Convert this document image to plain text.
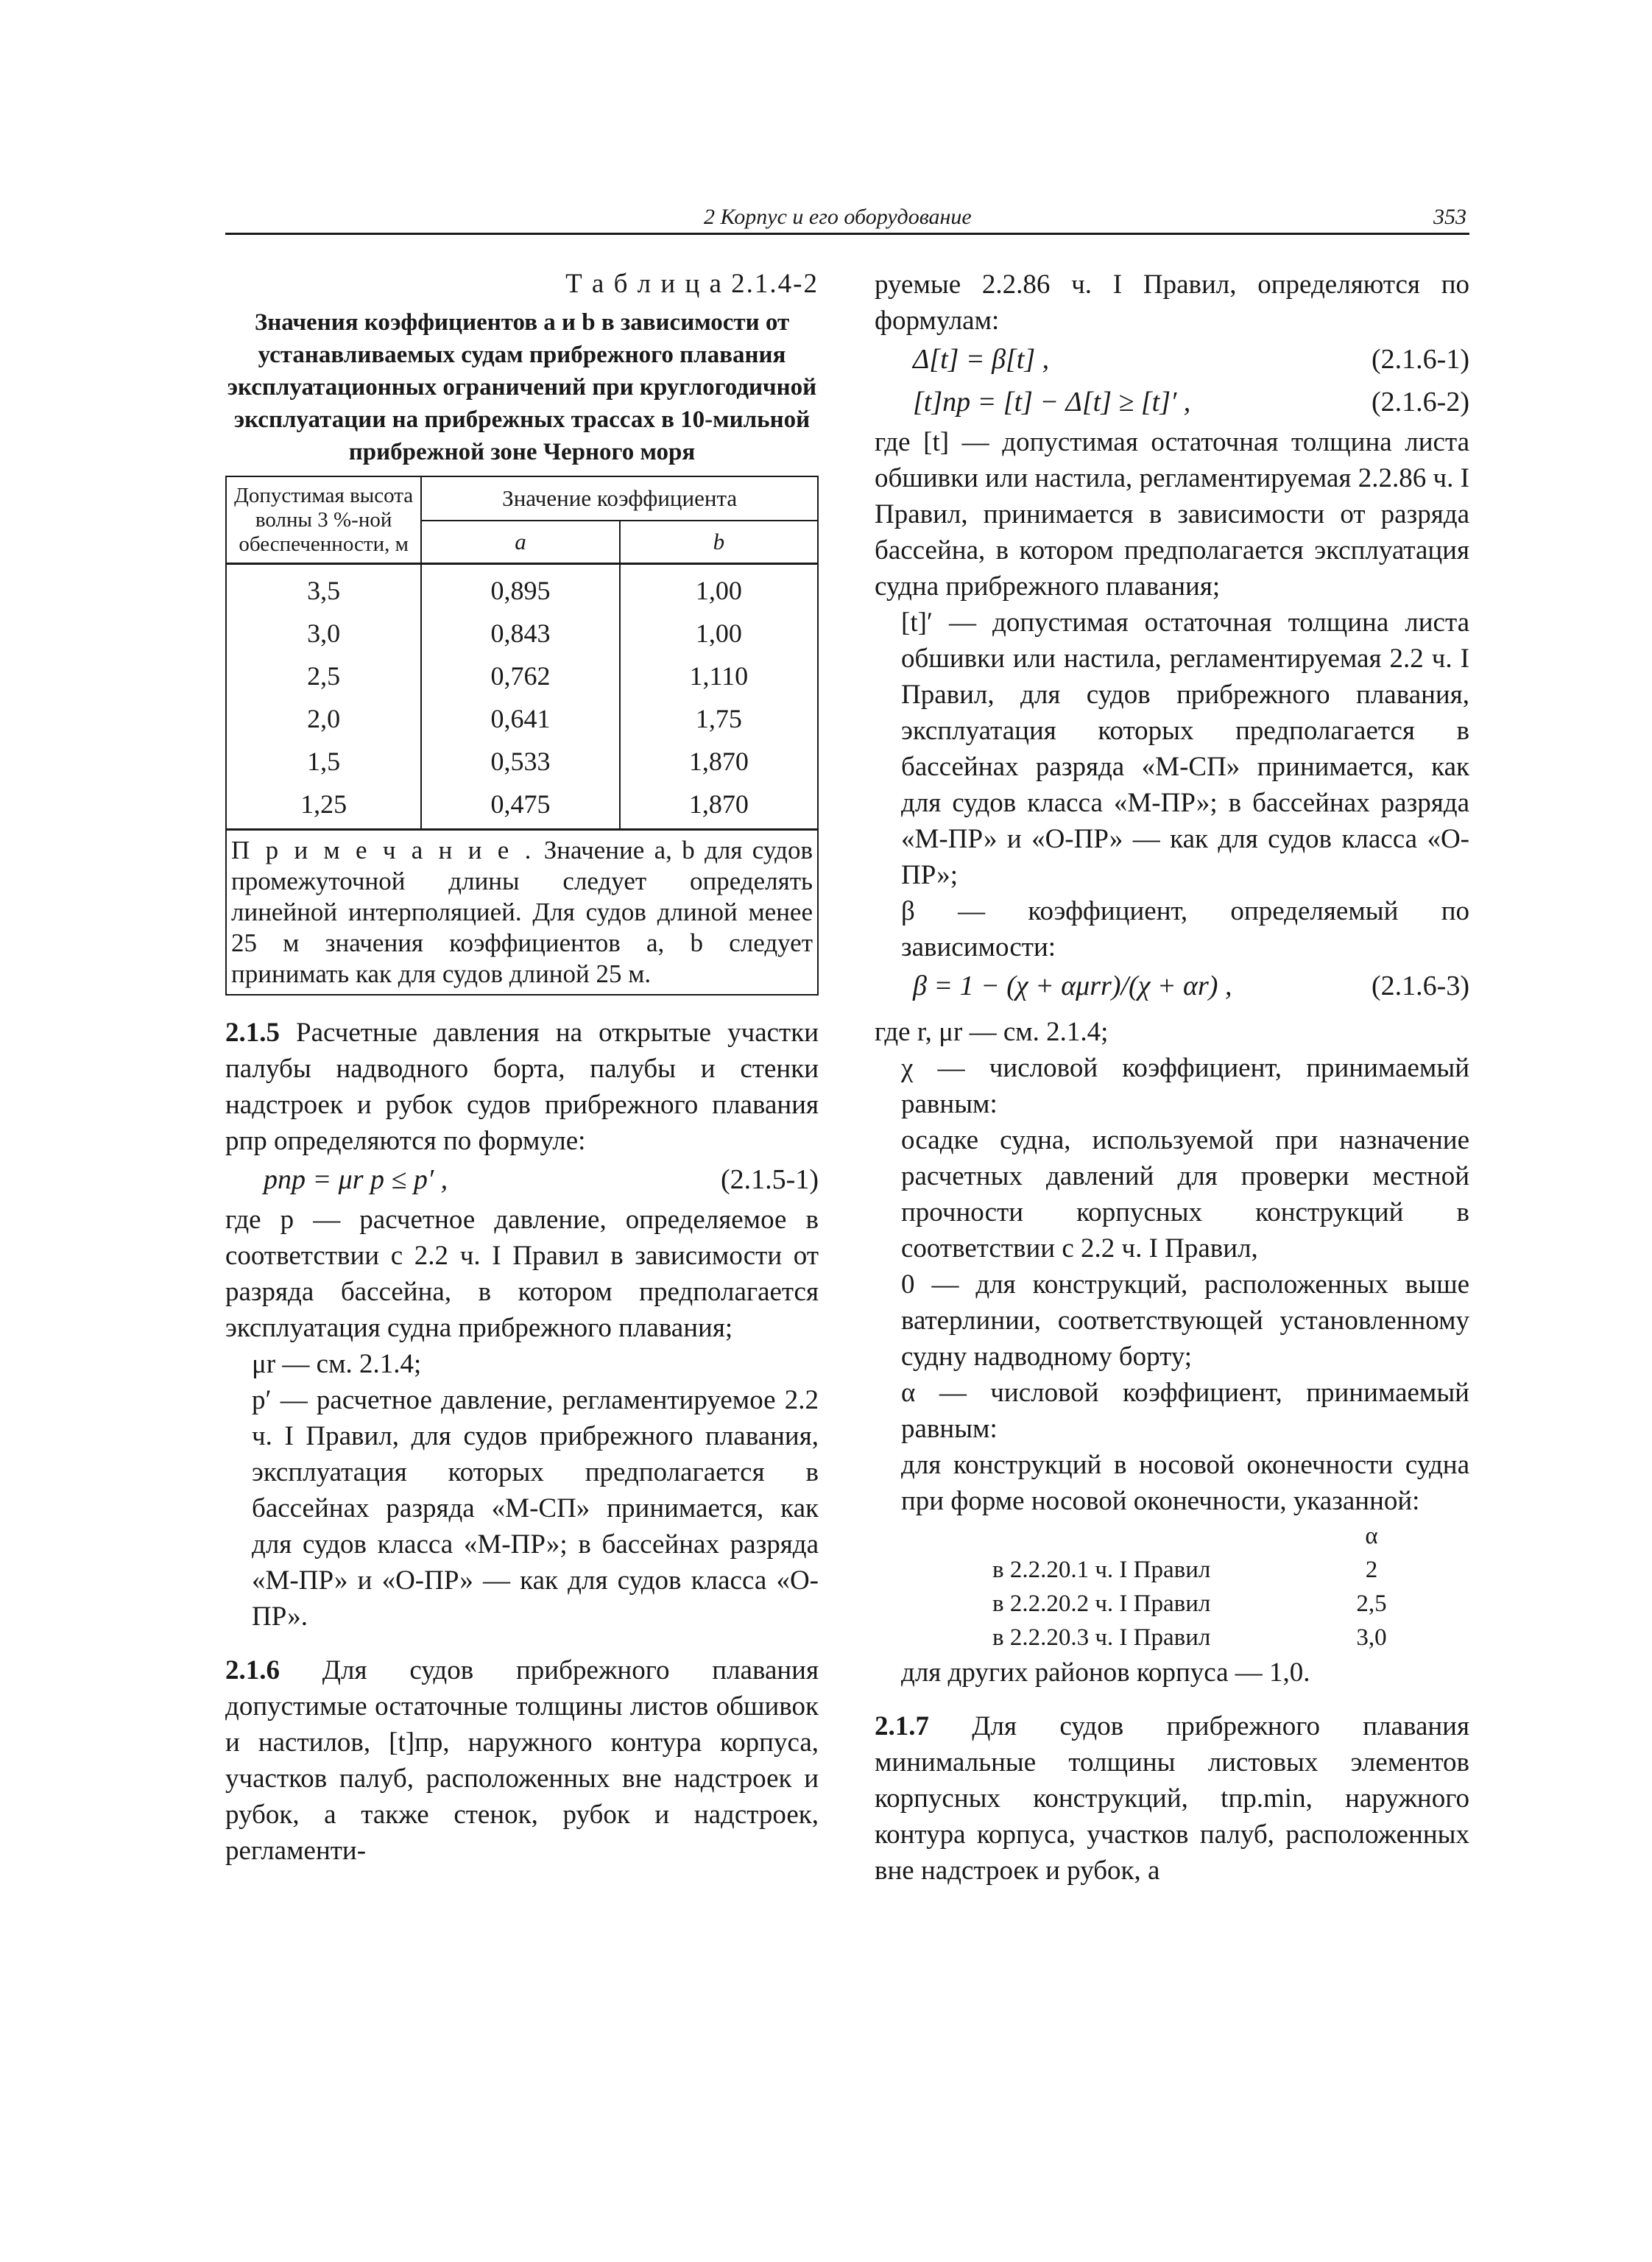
2 Корпус и его оборудование	353

Т а б л и ц а 2.1.4-2

Значения коэффициентов a и b в зависимости от устанавливаемых судам прибрежного плавания эксплуатационных ограничений при круглогодичной эксплуатации на прибрежных трассах в 10-мильной прибрежной зоне Черного моря

Допустимая высота волны 3 %-ной обеспеченности, м	Значение коэффициента	
	a	b
3,5	0,895	1,00
3,0	0,843	1,00
2,5	0,762	1,110
2,0	0,641	1,75
1,5	0,533	1,870
1,25	0,475	1,870
П р и м е ч а н и е . Значение a, b для судов промежуточной длины следует определять линейной интерполяцией. Для судов длиной менее 25 м значения коэффициентов a, b следует принимать как для судов длиной 25 м.		

2.1.5 Расчетные давления на открытые участки палубы надводного борта, палубы и стенки надстроек и рубок судов прибрежного плавания pпр определяются по формуле:

pпр = μr p ≤ p′ ,	(2.1.5-1)

где p — расчетное давление, определяемое в соответствии с 2.2 ч. I Правил в зависимости от разряда бассейна, в котором предполагается эксплуатация судна прибрежного плавания;

μr — см. 2.1.4;

p′ — расчетное давление, регламентируемое 2.2 ч. I Правил, для судов прибрежного плавания, эксплуатация которых предполагается в бассейнах разряда «М-СП» принимается, как для судов класса «М-ПР»; в бассейнах разряда «М-ПР» и «О-ПР» — как для судов класса «О-ПР».

2.1.6 Для судов прибрежного плавания допустимые остаточные толщины листов обшивок и настилов, [t]пр, наружного контура корпуса, участков палуб, расположенных вне надстроек и рубок, а также стенок, рубок и надстроек, регламенти-

руемые 2.2.86 ч. I Правил, определяются по формулам:

Δ[t] = β[t] ,	(2.1.6-1)
[t]пр = [t] − Δ[t] ≥ [t]′ ,	(2.1.6-2)

где [t] — допустимая остаточная толщина листа обшивки или настила, регламентируемая 2.2.86 ч. I Правил, принимается в зависимости от разряда бассейна, в котором предполагается эксплуатация судна прибрежного плавания;

[t]′ — допустимая остаточная толщина листа обшивки или настила, регламентируемая 2.2 ч. I Правил, для судов прибрежного плавания, эксплуатация которых предполагается в бассейнах разряда «М-СП» принимается, как для судов класса «М-ПР»; в бассейнах разряда «М-ПР» и «О-ПР» — как для судов класса «О-ПР»;

β — коэффициент, определяемый по зависимости:

β = 1 − (χ + αμrr)/(χ + αr) ,	(2.1.6-3)

где r, μr — см. 2.1.4;

χ — числовой коэффициент, принимаемый равным:

осадке судна, используемой при назначение расчетных давлений для проверки местной прочности корпусных конструкций в соответствии с 2.2 ч. I Правил,

0 — для конструкций, расположенных выше ватерлинии, соответствующей установленному судну надводному борту;

α — числовой коэффициент, принимаемый равным:

для конструкций в носовой оконечности судна при форме носовой оконечности, указанной:

α
в 2.2.20.1 ч. I Правил	2
в 2.2.20.2 ч. I Правил	2,5
в 2.2.20.3 ч. I Правил	3,0

для других районов корпуса — 1,0.

2.1.7 Для судов прибрежного плавания минимальные толщины листовых элементов корпусных конструкций, tпр.min, наружного контура корпуса, участков палуб, расположенных вне надстроек и рубок, а
